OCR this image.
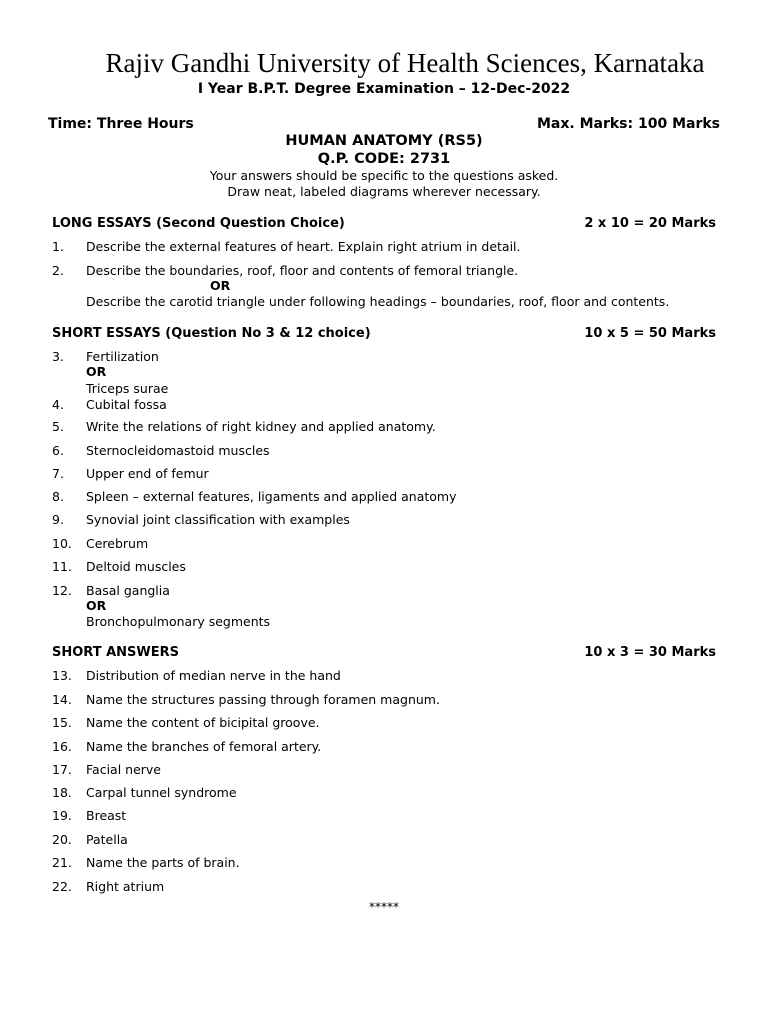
Rajiv Gandhi University of Health Sciences, Karnataka
I Year B.P.T. Degree Examination – 12-Dec-2022
Time: Three Hours	Max. Marks: 100 Marks
HUMAN ANATOMY (RS5)
Q.P. CODE: 2731
Your answers should be specific to the questions asked.
Draw neat, labeled diagrams wherever necessary.
LONG ESSAYS (Second Question Choice)	2 x 10 = 20 Marks
1.	Describe the external features of heart. Explain right atrium in detail.
2.	Describe the boundaries, roof, floor and contents of femoral triangle.
OR
Describe the carotid triangle under following headings – boundaries, roof, floor and contents.
SHORT ESSAYS (Question No 3 & 12 choice)	10 x 5 = 50 Marks
3.	Fertilization
OR
Triceps surae
4.	Cubital fossa
5.	Write the relations of right kidney and applied anatomy.
6.	Sternocleidomastoid muscles
7.	Upper end of femur
8.	Spleen – external features, ligaments and applied anatomy
9.	Synovial joint classification with examples
10.	Cerebrum
11.	Deltoid muscles
12.	Basal ganglia
OR
Bronchopulmonary segments
SHORT ANSWERS	10 x 3 = 30 Marks
13.	Distribution of median nerve in the hand
14.	Name the structures passing through foramen magnum.
15.	Name the content of bicipital groove.
16.	Name the branches of femoral artery.
17.	Facial nerve
18.	Carpal tunnel syndrome
19.	Breast
20.	Patella
21.	Name the parts of brain.
22.	Right atrium
*****
